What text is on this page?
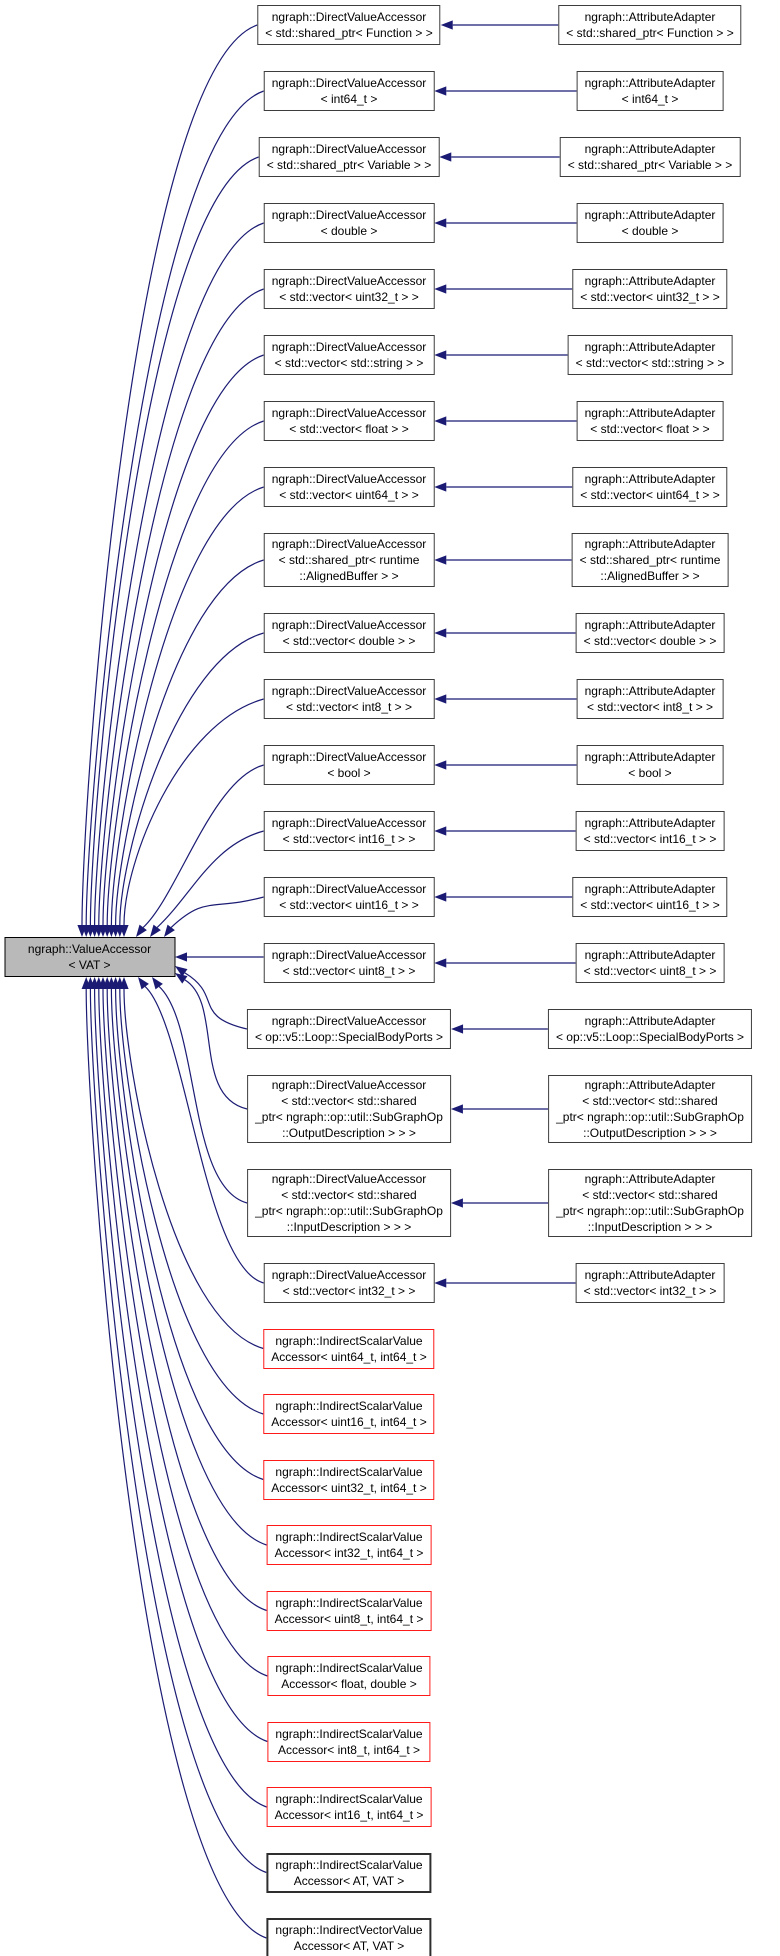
ngraph::ValueAccessor
< VAT >
ngraph::DirectValueAccessor
< std::shared_ptr< Function > >
ngraph::AttributeAdapter
< std::shared_ptr< Function > >
ngraph::DirectValueAccessor
< int64_t >
ngraph::AttributeAdapter
< int64_t >
ngraph::DirectValueAccessor
< std::shared_ptr< Variable > >
ngraph::AttributeAdapter
< std::shared_ptr< Variable > >
ngraph::DirectValueAccessor
< double >
ngraph::AttributeAdapter
< double >
ngraph::DirectValueAccessor
< std::vector< uint32_t > >
ngraph::AttributeAdapter
< std::vector< uint32_t > >
ngraph::DirectValueAccessor
< std::vector< std::string > >
ngraph::AttributeAdapter
< std::vector< std::string > >
ngraph::DirectValueAccessor
< std::vector< float > >
ngraph::AttributeAdapter
< std::vector< float > >
ngraph::DirectValueAccessor
< std::vector< uint64_t > >
ngraph::AttributeAdapter
< std::vector< uint64_t > >
ngraph::DirectValueAccessor
< std::shared_ptr< runtime
::AlignedBuffer > >
ngraph::AttributeAdapter
< std::shared_ptr< runtime
::AlignedBuffer > >
ngraph::DirectValueAccessor
< std::vector< double > >
ngraph::AttributeAdapter
< std::vector< double > >
ngraph::DirectValueAccessor
< std::vector< int8_t > >
ngraph::AttributeAdapter
< std::vector< int8_t > >
ngraph::DirectValueAccessor
< bool >
ngraph::AttributeAdapter
< bool >
ngraph::DirectValueAccessor
< std::vector< int16_t > >
ngraph::AttributeAdapter
< std::vector< int16_t > >
ngraph::DirectValueAccessor
< std::vector< uint16_t > >
ngraph::AttributeAdapter
< std::vector< uint16_t > >
ngraph::DirectValueAccessor
< std::vector< uint8_t > >
ngraph::AttributeAdapter
< std::vector< uint8_t > >
ngraph::DirectValueAccessor
< op::v5::Loop::SpecialBodyPorts >
ngraph::AttributeAdapter
< op::v5::Loop::SpecialBodyPorts >
ngraph::DirectValueAccessor
< std::vector< std::shared
_ptr< ngraph::op::util::SubGraphOp
::OutputDescription > > >
ngraph::AttributeAdapter
< std::vector< std::shared
_ptr< ngraph::op::util::SubGraphOp
::OutputDescription > > >
ngraph::DirectValueAccessor
< std::vector< std::shared
_ptr< ngraph::op::util::SubGraphOp
::InputDescription > > >
ngraph::AttributeAdapter
< std::vector< std::shared
_ptr< ngraph::op::util::SubGraphOp
::InputDescription > > >
ngraph::DirectValueAccessor
< std::vector< int32_t > >
ngraph::AttributeAdapter
< std::vector< int32_t > >
ngraph::IndirectScalarValue
Accessor< uint64_t, int64_t >
ngraph::IndirectScalarValue
Accessor< uint16_t, int64_t >
ngraph::IndirectScalarValue
Accessor< uint32_t, int64_t >
ngraph::IndirectScalarValue
Accessor< int32_t, int64_t >
ngraph::IndirectScalarValue
Accessor< uint8_t, int64_t >
ngraph::IndirectScalarValue
Accessor< float, double >
ngraph::IndirectScalarValue
Accessor< int8_t, int64_t >
ngraph::IndirectScalarValue
Accessor< int16_t, int64_t >
ngraph::IndirectScalarValue
Accessor< AT, VAT >
ngraph::IndirectVectorValue
Accessor< AT, VAT >
